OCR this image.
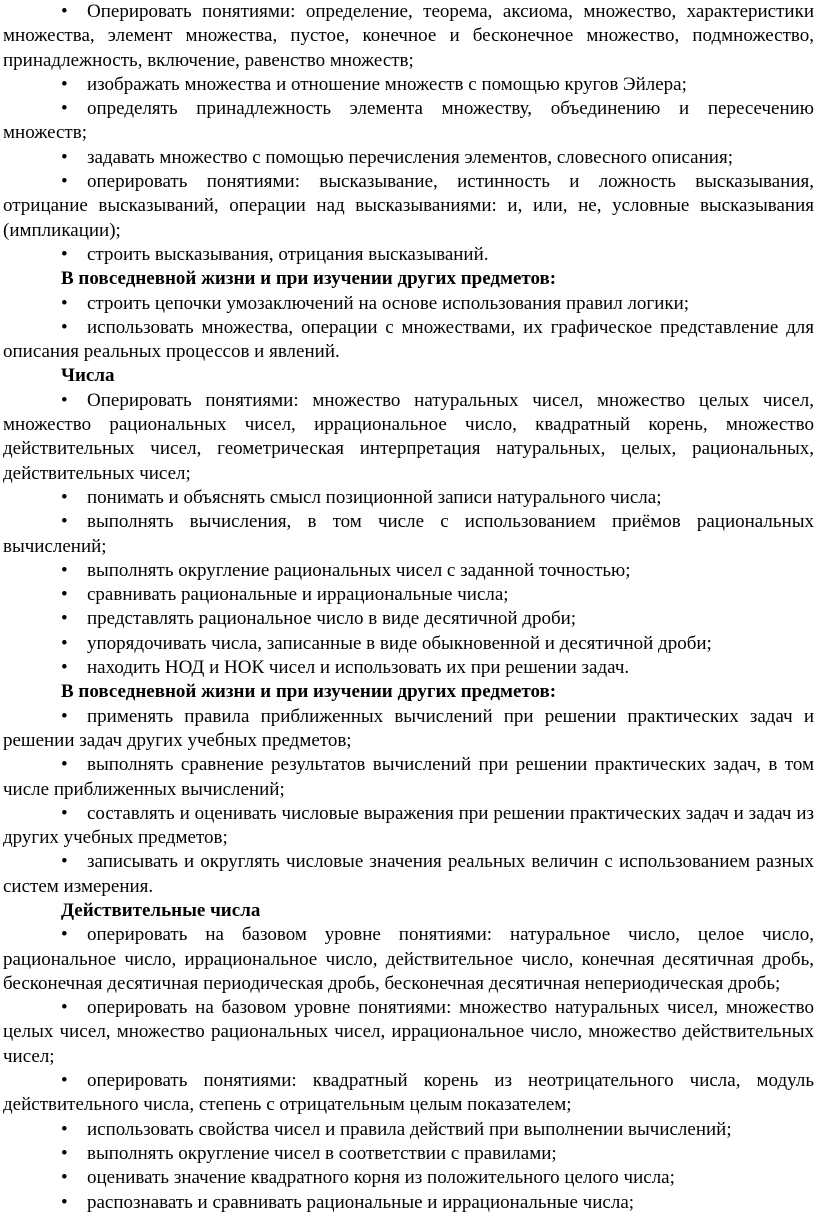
• Оперировать понятиями: определение, теорема, аксиома, множество, характеристики множества, элемент множества, пустое, конечное и бесконечное множество, подмножество, принадлежность, включение, равенство множеств;

• изображать множества и отношение множеств с помощью кругов Эйлера;

• определять принадлежность элемента множеству, объединению и пересечению множеств;

• задавать множество с помощью перечисления элементов, словесного описания;

• оперировать понятиями: высказывание, истинность и ложность высказывания, отрицание высказываний, операции над высказываниями: и, или, не, условные высказывания (импликации);

• строить высказывания, отрицания высказываний.

В повседневной жизни и при изучении других предметов:

• строить цепочки умозаключений на основе использования правил логики;

• использовать множества, операции с множествами, их графическое представление для описания реальных процессов и явлений.

Числа

• Оперировать понятиями: множество натуральных чисел, множество целых чисел, множество рациональных чисел, иррациональное число, квадратный корень, множество действительных чисел, геометрическая интерпретация натуральных, целых, рациональных, действительных чисел;

• понимать и объяснять смысл позиционной записи натурального числа;

• выполнять вычисления, в том числе с использованием приёмов рациональных вычислений;

• выполнять округление рациональных чисел с заданной точностью;

• сравнивать рациональные и иррациональные числа;

• представлять рациональное число в виде десятичной дроби;

• упорядочивать числа, записанные в виде обыкновенной и десятичной дроби;

• находить НОД и НОК чисел и использовать их при решении задач.

В повседневной жизни и при изучении других предметов:

• применять правила приближенных вычислений при решении практических задач и решении задач других учебных предметов;

• выполнять сравнение результатов вычислений при решении практических задач, в том числе приближенных вычислений;

• составлять и оценивать числовые выражения при решении практических задач и задач из других учебных предметов;

• записывать и округлять числовые значения реальных величин с использованием разных систем измерения.

Действительные числа

• оперировать на базовом уровне понятиями: натуральное число, целое число, рациональное число, иррациональное число, действительное число, конечная десятичная дробь, бесконечная десятичная периодическая дробь, бесконечная десятичная непериодическая дробь;

• оперировать на базовом уровне понятиями: множество натуральных чисел, множество целых чисел, множество рациональных чисел, иррациональное число, множество действительных чисел;

• оперировать понятиями: квадратный корень из неотрицательного числа, модуль действительного числа, степень с отрицательным целым показателем;

• использовать свойства чисел и правила действий при выполнении вычислений;

• выполнять округление чисел в соответствии с правилами;

• оценивать значение квадратного корня из положительного целого числа;

• распознавать и сравнивать рациональные и иррациональные числа;
